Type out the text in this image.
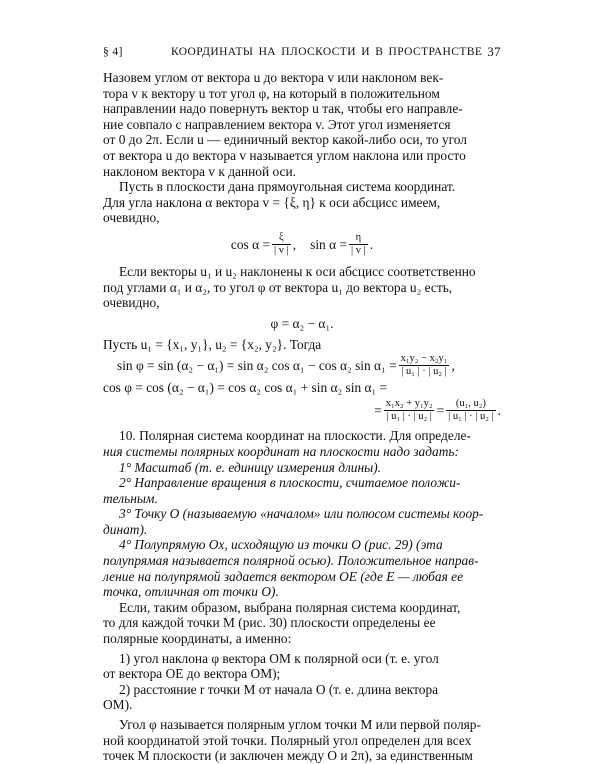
§ 4]	КООРДИНАТЫ НА ПЛОСКОСТИ И В ПРОСТРАНСТВЕ 37
Назовем углом от вектора u до вектора v или наклоном век-
тора v к вектору u тот угол φ, на который в положительном
направлении надо повернуть вектор u так, чтобы его направле-
ние совпало с направлением вектора v. Этот угол изменяется
от 0 до 2π. Если u — единичный вектор какой-либо оси, то угол
от вектора u до вектора v называется углом наклона или просто
наклоном вектора v к данной оси.
Пусть в плоскости дана прямоугольная система координат.
Для угла наклона α вектора v = {ξ, η} к оси абсцисс имеем,
очевидно,
$\cos \alpha = \frac{\xi}{| v |}$ , $\sin \alpha = \frac{\eta}{| v |}$ .
Если векторы u₁ и u₂ наклонены к оси абсцисс соответственно
под углами α₁ и α₂, то угол φ от вектора u₁ до вектора u₂ есть,
очевидно,
φ = α₂ − α₁.
Пусть u₁ = {x₁, y₁}, u₂ = {x₂, y₂}. Тогда
sin φ = sin (α₂ − α₁) = sin α₂ cos α₁ − cos α₂ $\sin \alpha_1 = \frac{\text{x₁y₂ − x₂y₁}}{\text{| u₁ | · | u₂ |}}$ ,
cos φ = cos (α₂ − α₁) = cos α₂ cos α₁ + sin α₂ sin α₁ =
= $\frac{\text{x₁x₂ + y₁y₂}}{\text{| u₁ | · | u₂ |}} = \frac{\text{(u₁, u₂)}}{\text{| u₁ | · | u₂ |}}$ .
10. Полярная система координат на плоскости. Для определе-
ния системы полярных координат на плоскости надо задать:
1° Масштаб (т. е. единицу измерения длины).
2° Направление вращения в плоскости, считаемое положи-
тельным.
3° Точку O (называемую «началом» или полюсом системы коор-
динат).
4° Полупрямую Ox, исходящую из точки O (рис. 29) (эта
полупрямая называется полярной осью). Положительное направ-
ление на полупрямой задается вектором OE (где E — любая ее
точка, отличная от точки O).
Если, таким образом, выбрана полярная система координат,
то для каждой точки M (рис. 30) плоскости определены ее
полярные координаты, а именно:
1) угол наклона φ вектора OM к полярной оси (т. е. угол
от вектора OE до вектора OM);
2) расстояние r точки M от начала O (т. е. длина вектора
OM).
Угол φ называется полярным углом точки M или первой поляр-
ной координатой этой точки. Полярный угол определен для всех
точек M плоскости (и заключен между O и 2π), за единственным
